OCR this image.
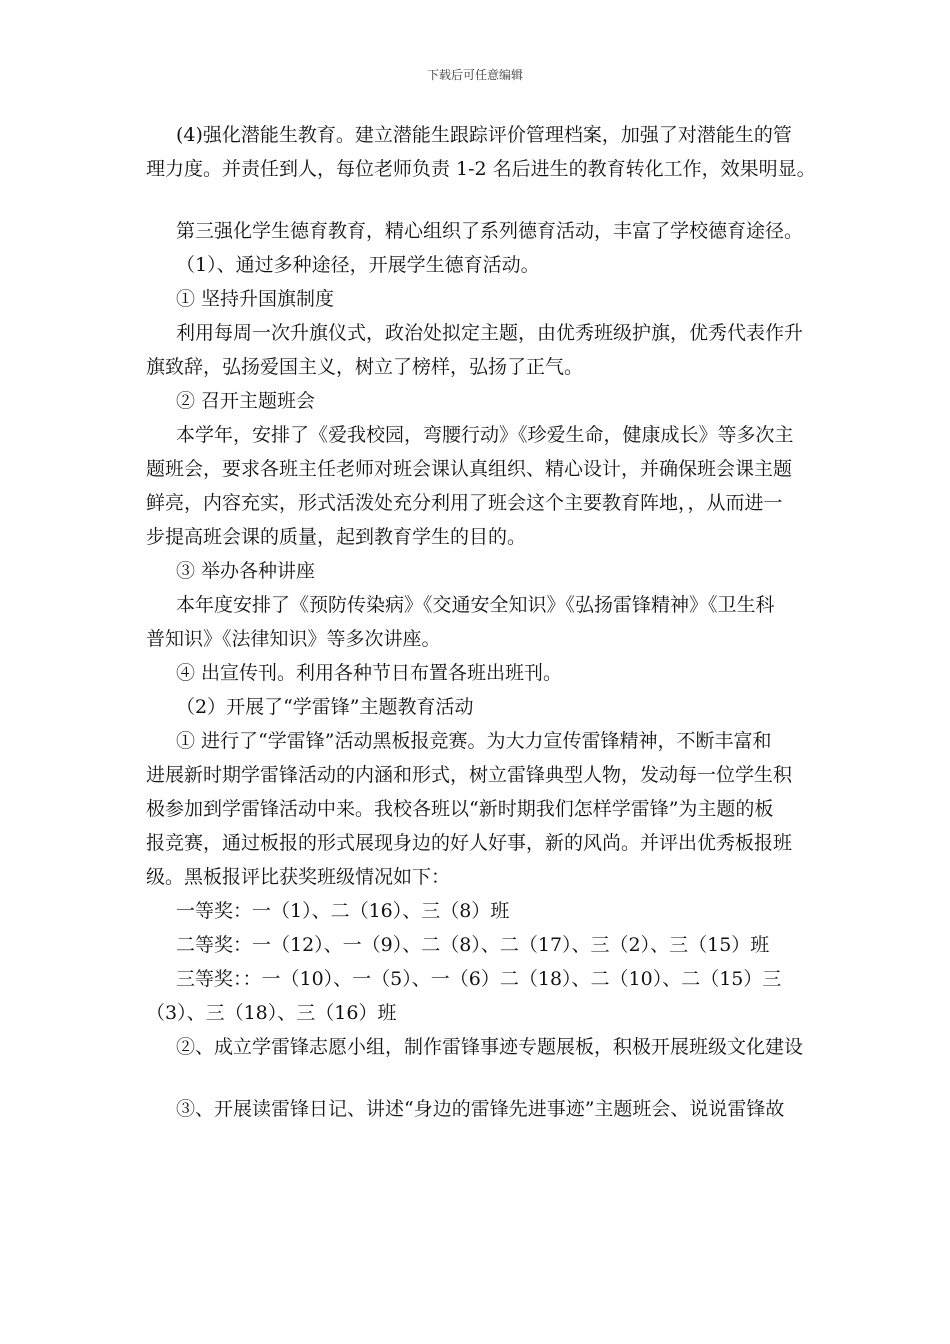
下载后可任意编辑

(4)强化潜能生教育。建立潜能生跟踪评价管理档案，加强了对潜能生的管

理力度。并责任到人，每位老师负责 1-2 名后进生的教育转化工作，效果明显。

第三强化学生德育教育，精心组织了系列德育活动，丰富了学校德育途径。

（1）、通过多种途径，开展学生德育活动。

① 坚持升国旗制度

利用每周一次升旗仪式，政治处拟定主题，由优秀班级护旗，优秀代表作升

旗致辞，弘扬爱国主义，树立了榜样，弘扬了正气。

② 召开主题班会

本学年，安排了《爱我校园，弯腰行动》《珍爱生命，健康成长》等多次主

题班会，要求各班主任老师对班会课认真组织、精心设计，并确保班会课主题

鲜亮，内容充实，形式活泼处充分利用了班会这个主要教育阵地，，从而进一

步提高班会课的质量，起到教育学生的目的。

③ 举办各种讲座

本年度安排了《预防传染病》《交通安全知识》《弘扬雷锋精神》《卫生科

普知识》《法律知识》等多次讲座。

④ 出宣传刊。利用各种节日布置各班出班刊。

（2）开展了“学雷锋”主题教育活动

① 进行了“学雷锋”活动黑板报竞赛。为大力宣传雷锋精神，不断丰富和

进展新时期学雷锋活动的内涵和形式，树立雷锋典型人物，发动每一位学生积

极参加到学雷锋活动中来。我校各班以“新时期我们怎样学雷锋”为主题的板

报竞赛，通过板报的形式展现身边的好人好事，新的风尚。并评出优秀板报班

级。黑板报评比获奖班级情况如下：

一等奖：一（1）、二（16）、三（8）班

二等奖：一（12）、一（9）、二（8）、二（17）、三（2）、三（15）班

三等奖：：一（10）、一（5）、一（6）二（18）、二（10）、二（15）三

（3）、三（18）、三（16）班

②、成立学雷锋志愿小组，制作雷锋事迹专题展板，积极开展班级文化建设

③、开展读雷锋日记、讲述“身边的雷锋先进事迹”主题班会、说说雷锋故
